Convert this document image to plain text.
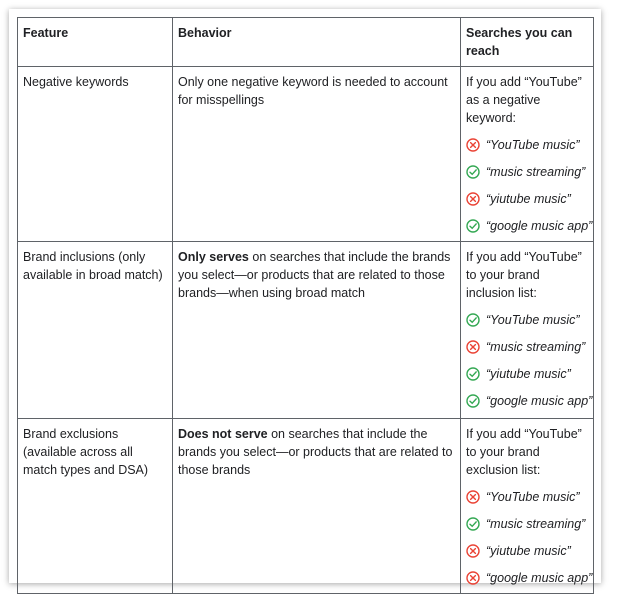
Feature	Behavior	Searches you can reach
Negative keywords	Only one negative keyword is needed to account for misspellings	If you add “YouTube” as a negative keyword:
“YouTube music”
“music streaming”
“yiutube music”
“google music app”

Brand inclusions (only available in broad match)	Only serves on searches that include the brands you select—or products that are related to those brands—when using broad match	If you add “YouTube” to your brand inclusion list:
“YouTube music”
“music streaming”
“yiutube music”
“google music app”

Brand exclusions (available across all match types and DSA)	Does not serve on searches that include the brands you select—or products that are related to those brands	If you add “YouTube” to your brand exclusion list:
“YouTube music”
“music streaming”
“yiutube music”
“google music app”
